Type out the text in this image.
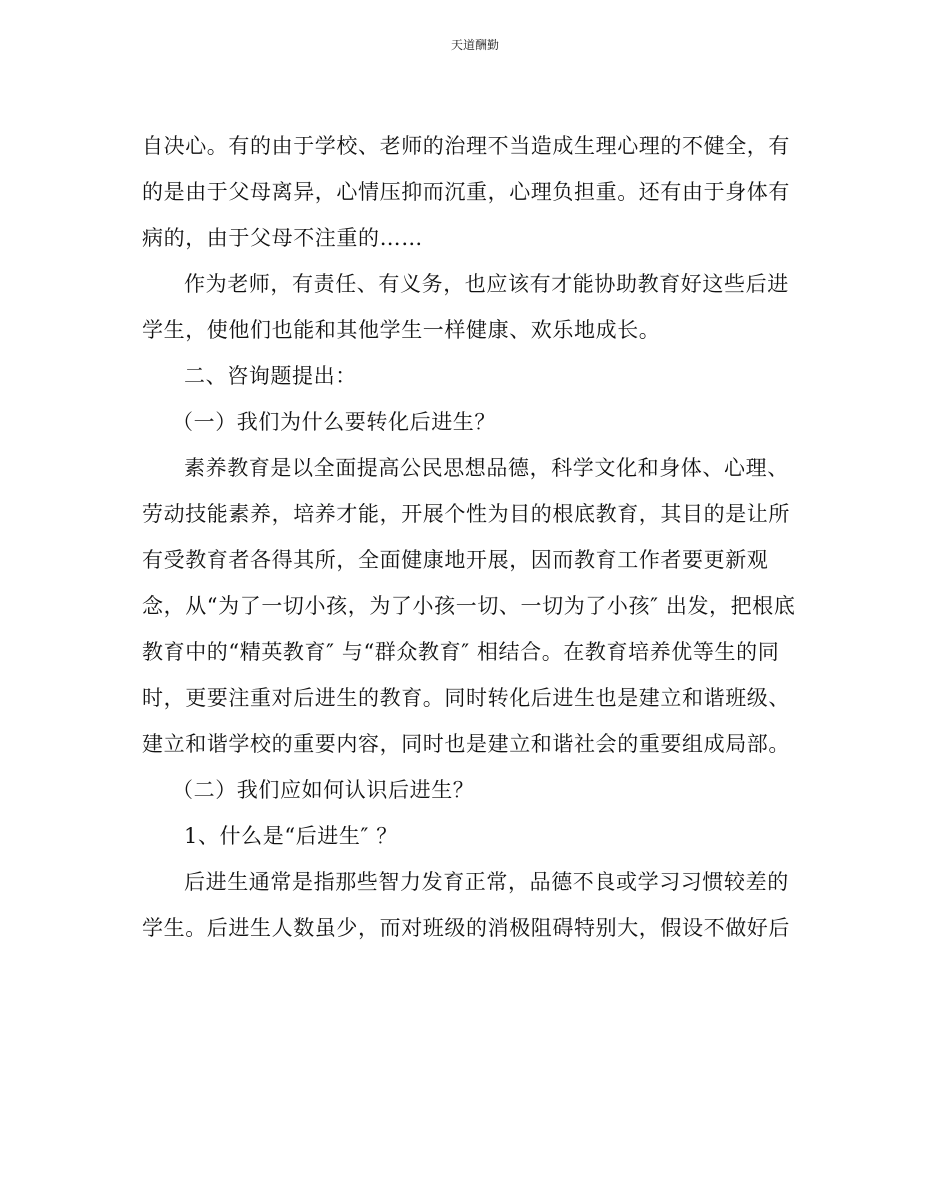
天道酬勤
自决心。有的由于学校、老师的治理不当造成生理心理的不健全，有
的是由于父母离异，心情压抑而沉重，心理负担重。还有由于身体有
病的，由于父母不注重的……
作为老师，有责任、有义务，也应该有才能协助教育好这些后进
学生，使他们也能和其他学生一样健康、欢乐地成长。
二、咨询题提出：
（一）我们为什么要转化后进生？
素养教育是以全面提高公民思想品德，科学文化和身体、心理、
劳动技能素养，培养才能，开展个性为目的根底教育，其目的是让所
有受教育者各得其所，全面健康地开展，因而教育工作者要更新观
念，从“为了一切小孩，为了小孩一切、一切为了小孩″ 出发，把根底
教育中的“精英教育″ 与“群众教育″ 相结合。在教育培养优等生的同
时，更要注重对后进生的教育。同时转化后进生也是建立和谐班级、
建立和谐学校的重要内容，同时也是建立和谐社会的重要组成局部。
（二）我们应如何认识后进生？
1、什么是“后进生″ ？
后进生通常是指那些智力发育正常，品德不良或学习习惯较差的
学生。后进生人数虽少，而对班级的消极阻碍特别大，假设不做好后
